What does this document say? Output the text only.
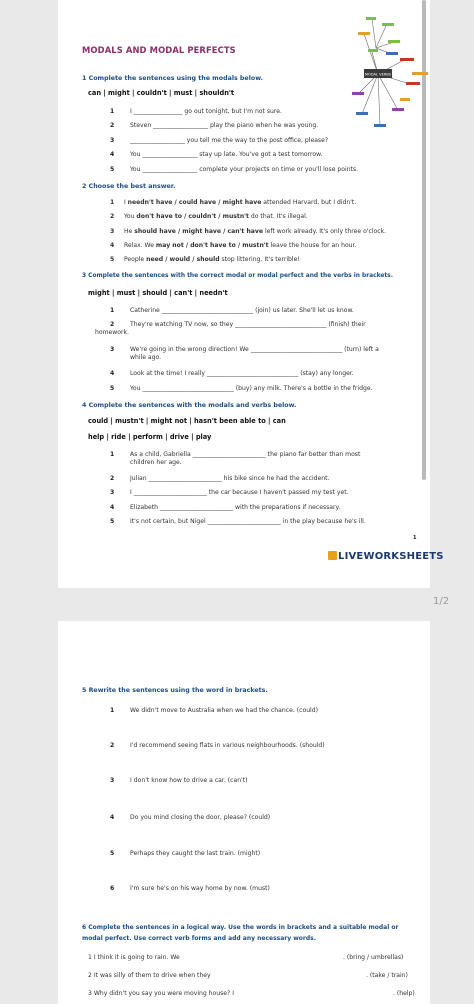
MODALS AND MODAL PERFECTS
1 Complete the sentences using the modals below.
can | might | couldn't | must | shouldn't
1	I ________________ go out tonight, but I'm not sure.
2	Steven __________________ play the piano when he was young.
3	__________________ you tell me the way to the post office, please?
4	You __________________ stay up late. You've got a test tomorrow.
5	You __________________ complete your projects on time or you'll lose points.
2 Choose the best answer.
1 I needn't have / could have / might have attended Harvard, but I didn't.
2 You don't have to / couldn't / mustn't do that. It's illegal.
3 He should have / might have / can't have left work already. It's only three o'clock.
4 Relax. We may not / don't have to / mustn't leave the house for an hour.
5 People need / would / should stop littering. It's terrible!
3 Complete the sentences with the correct modal or modal perfect and the verbs in brackets.
might | must | should | can't | needn't
1	Catherine ______________________________ (join) us later. She'll let us know.
2	They're watching TV now, so they ______________________________ (finish) their
homework.
3	We're going in the wrong direction! We ______________________________ (turn) left a
while ago.
4	Look at the time! I really ______________________________ (stay) any longer.
5	You ______________________________ (buy) any milk. There's a bottle in the fridge.
4 Complete the sentences with the modals and verbs below.
could | mustn't | might not | hasn't been able to | can
help | ride | perform | drive | play
1	As a child, Gabriella ________________________ the piano far better than most
children her age.
2	Julian ________________________ his bike since he had the accident.
3	I ________________________ the car because I haven't passed my test yet.
4	Elizabeth ________________________ with the preparations if necessary.
5	It's not certain, but Nigel ________________________ in the play because he's ill.
1
LIVEWORKSHEETS
MODAL VERBS
1/2
5 Rewrite the sentences using the word in brackets.
1	We didn't move to Australia when we had the chance. (could)
2	I'd recommend seeing flats in various neighbourhoods. (should)
3	I don't know how to drive a car. (can't)
4	Do you mind closing the door, please? (could)
5	Perhaps they caught the last train. (might)
6	I'm sure he's on his way home by now. (must)
6 Complete the sentences in a logical way. Use the words in brackets and a suitable modal or
modal perfect. Use correct verb forms and add any necessary words.
1 I think it is going to rain. We	. (bring / umbrellas)
2 It was silly of them to drive when they	. (take / train)
3 Why didn't you say you were moving house? I	. (help)
